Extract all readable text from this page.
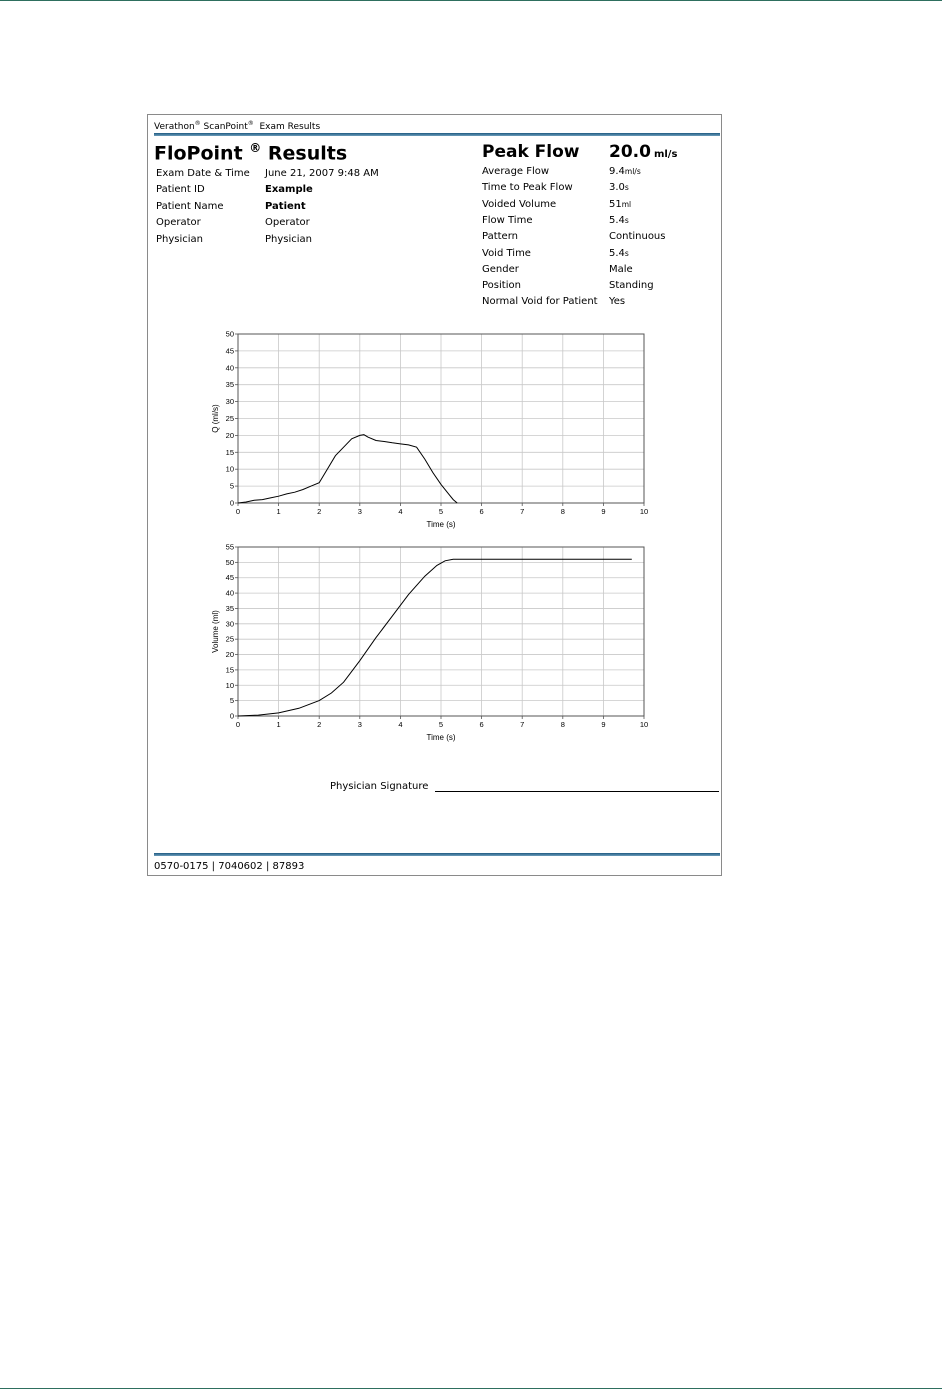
Verathon® ScanPoint® Exam Results
FloPoint ® Results	Peak Flow 20.0 ml/s
Exam Date & Time June 21, 2007 9:48 AM
Patient ID	Example
Patient Name	Patient
Operator	Operator
Physician	Physician
Average Flow	9.4ml/s
Time to Peak Flow	3.0s
Voided Volume	51ml
Flow Time	5.4s
Pattern	Continuous
Void Time	5.4s
Gender	Male
Position	Standing
Normal Void for Patient Yes
0	1	2	3	4	5	6	7	8	9	10
0
5
10
15
20
25
30
35
40
45
50
Time (s)
Q (ml/s)
0	1	2	3	4	5	6	7	8	9	10
0
5
10
15
20
25
30
35
40
45
50
55
Time (s)
Volume (ml)
Physician Signature
0570-0175 | 7040602 | 87893
